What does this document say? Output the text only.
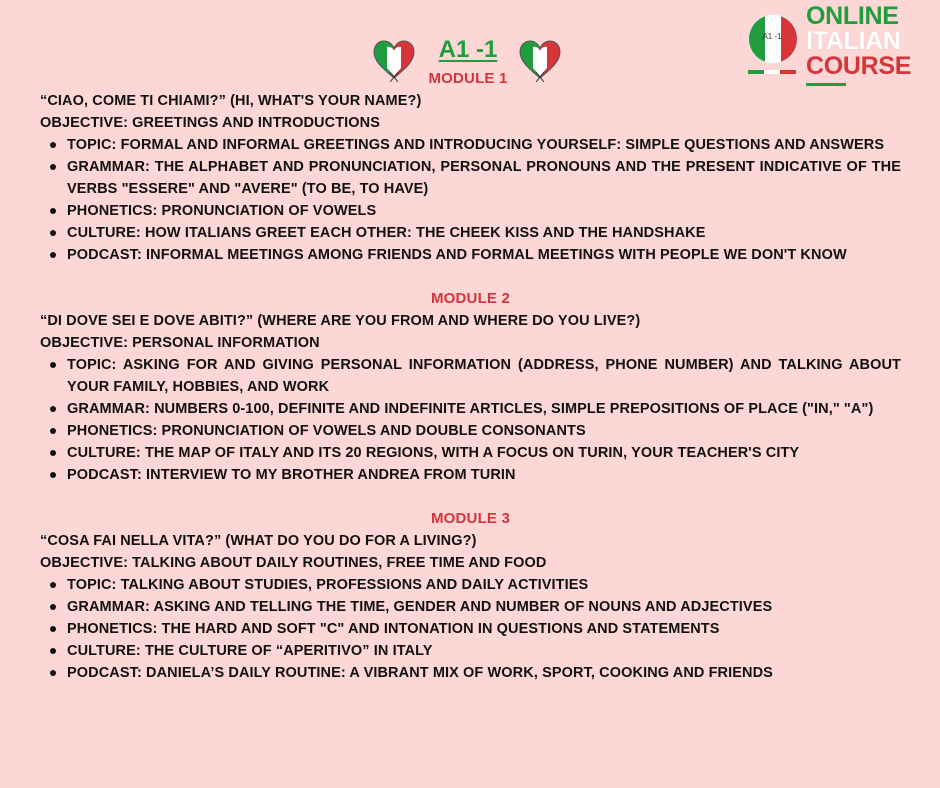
A1 -1
MODULE 1
A1 -1
ONLINE
ITALIAN
COURSE

“CIAO, COME TI CHIAMI?” (HI, WHAT'S YOUR NAME?)

OBJECTIVE: GREETINGS AND INTRODUCTIONS

TOPIC: FORMAL AND INFORMAL GREETINGS AND INTRODUCING YOURSELF: SIMPLE QUESTIONS AND ANSWERS
GRAMMAR: THE ALPHABET AND PRONUNCIATION, PERSONAL PRONOUNS AND THE PRESENT INDICATIVE OF THE VERBS "ESSERE" AND "AVERE" (TO BE, TO HAVE)
PHONETICS: PRONUNCIATION OF VOWELS
CULTURE: HOW ITALIANS GREET EACH OTHER: THE CHEEK KISS AND THE HANDSHAKE
PODCAST: INFORMAL MEETINGS AMONG FRIENDS AND FORMAL MEETINGS WITH PEOPLE WE DON'T KNOW

MODULE 2

“DI DOVE SEI E DOVE ABITI?” (WHERE ARE YOU FROM AND WHERE DO YOU LIVE?)

OBJECTIVE: PERSONAL INFORMATION

TOPIC: ASKING FOR AND GIVING PERSONAL INFORMATION (ADDRESS, PHONE NUMBER) AND TALKING ABOUT YOUR FAMILY, HOBBIES, AND WORK
GRAMMAR: NUMBERS 0-100, DEFINITE AND INDEFINITE ARTICLES, SIMPLE PREPOSITIONS OF PLACE ("IN," "A")
PHONETICS: PRONUNCIATION OF VOWELS AND DOUBLE CONSONANTS
CULTURE: THE MAP OF ITALY AND ITS 20 REGIONS, WITH A FOCUS ON TURIN, YOUR TEACHER'S CITY
PODCAST: INTERVIEW TO MY BROTHER ANDREA FROM TURIN

MODULE 3

“COSA FAI NELLA VITA?” (WHAT DO YOU DO FOR A LIVING?)

OBJECTIVE: TALKING ABOUT DAILY ROUTINES, FREE TIME AND FOOD

TOPIC: TALKING ABOUT STUDIES, PROFESSIONS AND DAILY ACTIVITIES
GRAMMAR: ASKING AND TELLING THE TIME, GENDER AND NUMBER OF NOUNS AND ADJECTIVES
PHONETICS: THE HARD AND SOFT "C" AND INTONATION IN QUESTIONS AND STATEMENTS
CULTURE: THE CULTURE OF “APERITIVO” IN ITALY
PODCAST: DANIELA’S DAILY ROUTINE: A VIBRANT MIX OF WORK, SPORT, COOKING AND FRIENDS
